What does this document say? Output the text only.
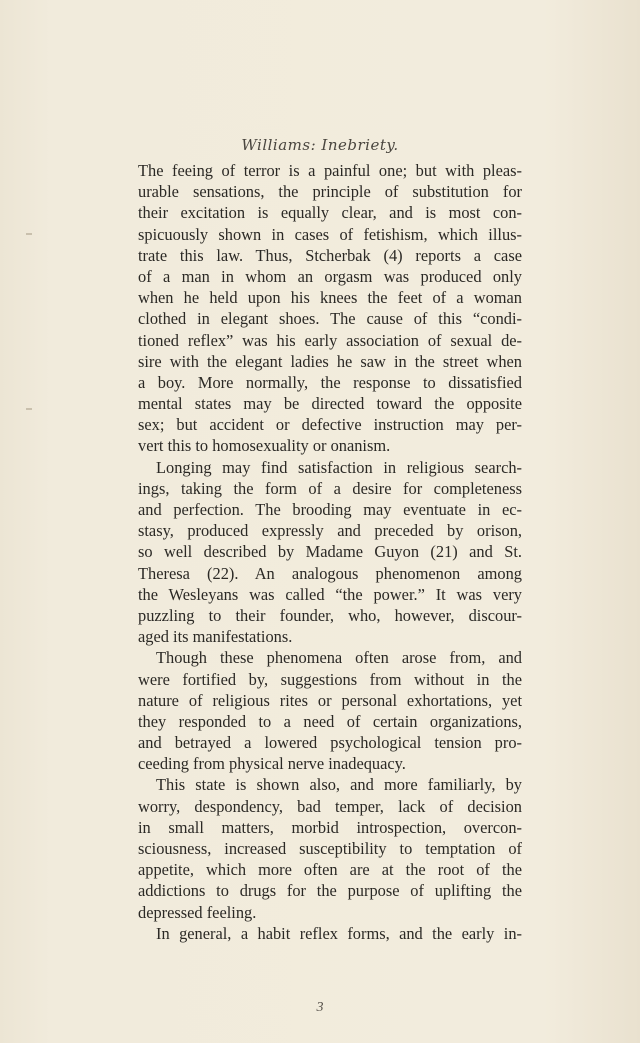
Williams: Inebriety.
The feeing of terror is a painful one; but with pleas-
urable sensations, the principle of substitution for
their excitation is equally clear, and is most con-
spicuously shown in cases of fetishism, which illus-
trate this law. Thus, Stcherbak (4) reports a case
of a man in whom an orgasm was produced only
when he held upon his knees the feet of a woman
clothed in elegant shoes. The cause of this “condi-
tioned reflex” was his early association of sexual de-
sire with the elegant ladies he saw in the street when
a boy. More normally, the response to dissatisfied
mental states may be directed toward the opposite
sex; but accident or defective instruction may per-
vert this to homosexuality or onanism.
Longing may find satisfaction in religious search-
ings, taking the form of a desire for completeness
and perfection. The brooding may eventuate in ec-
stasy, produced expressly and preceded by orison,
so well described by Madame Guyon (21) and St.
Theresa (22). An analogous phenomenon among
the Wesleyans was called “the power.” It was very
puzzling to their founder, who, however, discour-
aged its manifestations.
Though these phenomena often arose from, and
were fortified by, suggestions from without in the
nature of religious rites or personal exhortations, yet
they responded to a need of certain organizations,
and betrayed a lowered psychological tension pro-
ceeding from physical nerve inadequacy.
This state is shown also, and more familiarly, by
worry, despondency, bad temper, lack of decision
in small matters, morbid introspection, overcon-
sciousness, increased susceptibility to temptation of
appetite, which more often are at the root of the
addictions to drugs for the purpose of uplifting the
depressed feeling.
In general, a habit reflex forms, and the early in-
3
